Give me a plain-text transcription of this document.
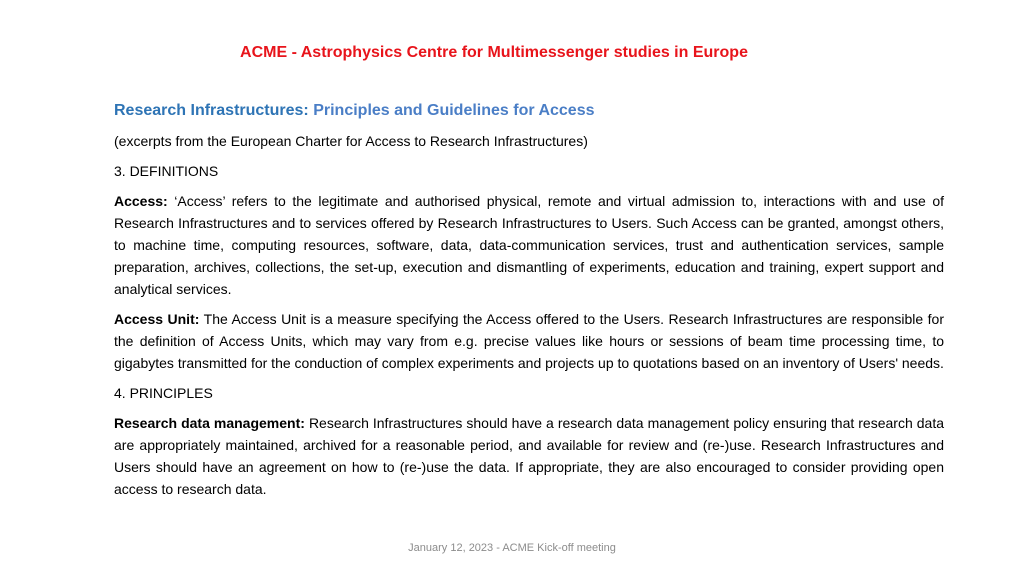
ACME - Astrophysics Centre for Multimessenger studies in Europe
Research Infrastructures: Principles and Guidelines for Access

(excerpts from the European Charter for Access to Research Infrastructures)

3. DEFINITIONS

Access: ‘Access’ refers to the legitimate and authorised physical, remote and virtual admission to, interactions with and use of Research Infrastructures and to services offered by Research Infrastructures to Users. Such Access can be granted, amongst others, to machine time, computing resources, software, data, data-communication services, trust and authentication services, sample preparation, archives, collections, the set-up, execution and dismantling of experiments, education and training, expert support and analytical services.

Access Unit: The Access Unit is a measure specifying the Access offered to the Users. Research Infrastructures are responsible for the definition of Access Units, which may vary from e.g. precise values like hours or sessions of beam time processing time, to gigabytes transmitted for the conduction of complex experiments and projects up to quotations based on an inventory of Users' needs.

4. PRINCIPLES

Research data management: Research Infrastructures should have a research data management policy ensuring that research data are appropriately maintained, archived for a reasonable period, and available for review and (re-)use. Research Infrastructures and Users should have an agreement on how to (re-)use the data. If appropriate, they are also encouraged to consider providing open access to research data.

January 12, 2023 - ACME Kick-off meeting
